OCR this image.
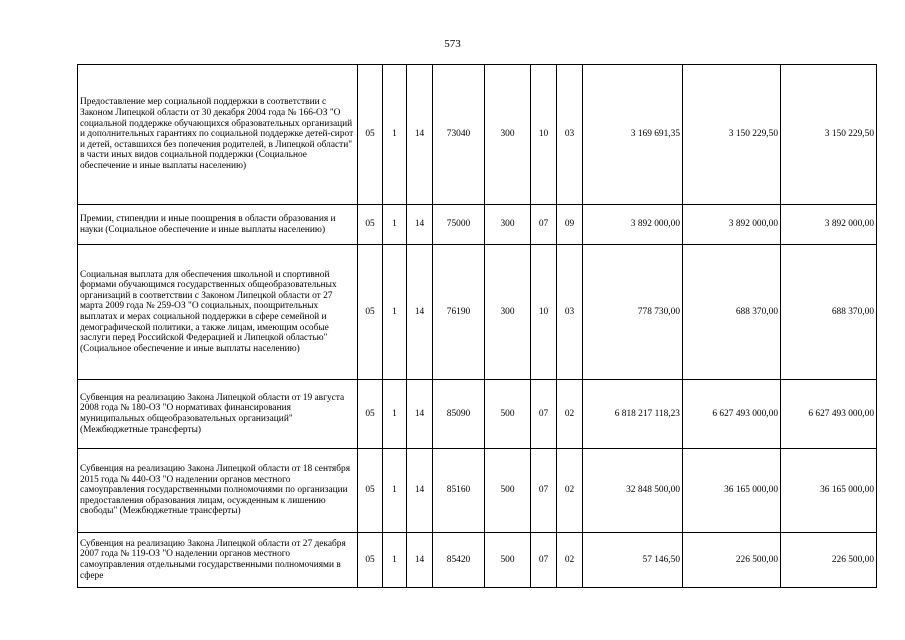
573
Предоставление мер социальной поддержки в соответствии с Законом Липецкой области от 30 декабря 2004 года № 166-ОЗ "О социальной поддержке обучающихся образовательных организаций и дополнительных гарантиях по социальной поддержке детей-сирот и детей, оставшихся без попечения родителей, в Липецкой области" в части иных видов социальной поддержки (Социальное обеспечение и иные выплаты населению)	05	1	14	73040	300	10	03	3 169 691,35	3 150 229,50	3 150 229,50
Премии, стипендии и иные поощрения в области образования и науки (Социальное обеспечение и иные выплаты населению)	05	1	14	75000	300	07	09	3 892 000,00	3 892 000,00	3 892 000,00
Социальная выплата для обеспечения школьной и спортивной формами обучающимся государственных общеобразовательных организаций в соответствии с Законом Липецкой области от 27 марта 2009 года № 259-ОЗ "О социальных, поощрительных выплатах и мерах социальной поддержки в сфере семейной и демографической политики, а также лицам, имеющим особые заслуги перед Российской Федерацией и Липецкой областью" (Социальное обеспечение и иные выплаты населению)	05	1	14	76190	300	10	03	778 730,00	688 370,00	688 370,00
Субвенция на реализацию Закона Липецкой области от 19 августа 2008 года № 180-ОЗ "О нормативах финансирования муниципальных общеобразовательных организаций" (Межбюджетные трансферты)	05	1	14	85090	500	07	02	6 818 217 118,23	6 627 493 000,00	6 627 493 000,00
Субвенция на реализацию Закона Липецкой области от 18 сентября 2015 года № 440-ОЗ "О наделении органов местного самоуправления государственными полномочиями по организации предоставления образования лицам, осужденным к лишению свободы" (Межбюджетные трансферты)	05	1	14	85160	500	07	02	32 848 500,00	36 165 000,00	36 165 000,00
Субвенция на реализацию Закона Липецкой области от 27 декабря 2007 года № 119-ОЗ "О наделении органов местного самоуправления отдельными государственными полномочиями в сфере	05	1	14	85420	500	07	02	57 146,50	226 500,00	226 500,00
